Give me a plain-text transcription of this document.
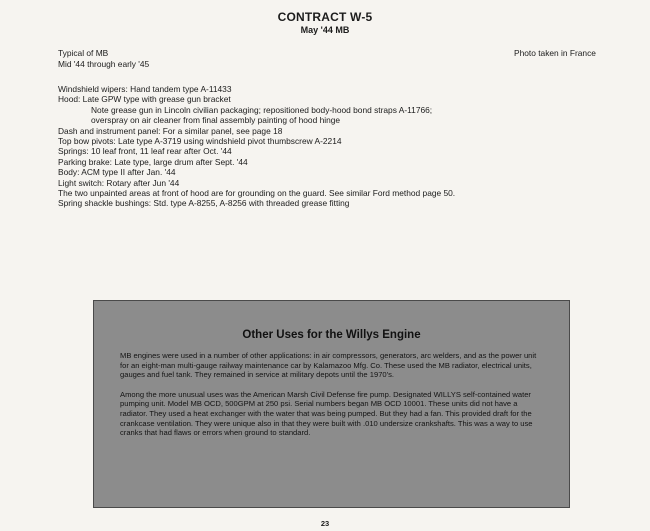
CONTRACT W-5
May '44 MB
Typical of MB
Mid '44 through early '45
Photo taken in France
Windshield wipers: Hand tandem type A-11433
Hood: Late GPW type with grease gun bracket
Note grease gun in Lincoln civilian packaging; repositioned body-hood bond straps A-11766;
overspray on air cleaner from final assembly painting of hood hinge
Dash and instrument panel: For a similar panel, see page 18
Top bow pivots: Late type A-3719 using windshield pivot thumbscrew A-2214
Springs: 10 leaf front, 11 leaf rear after Oct. '44
Parking brake: Late type, large drum after Sept. '44
Body: ACM type II after Jan. '44
Light switch: Rotary after Jun '44
The two unpainted areas at front of hood are for grounding on the guard. See similar Ford method page 50.
Spring shackle bushings: Std. type A-8255, A-8256 with threaded grease fitting
Other Uses for the Willys Engine

MB engines were used in a number of other applications: in air compressors, generators, arc welders, and as the power unit for an eight-man multi-gauge railway maintenance car by Kalamazoo Mfg. Co. These used the MB radiator, electrical units, gauges and fuel tank. They remained in service at military depots until the 1970's.

Among the more unusual uses was the American Marsh Civil Defense fire pump. Designated WILLYS self-contained water pumping unit. Model MB OCD, 500GPM at 250 psi. Serial numbers began MB OCD 10001. These units did not have a radiator. They used a heat exchanger with the water that was being pumped. But they had a fan. This provided draft for the crankcase ventilation. They were unique also in that they were built with .010 undersize crankshafts. This was a way to use cranks that had flaws or errors when ground to standard.

23
